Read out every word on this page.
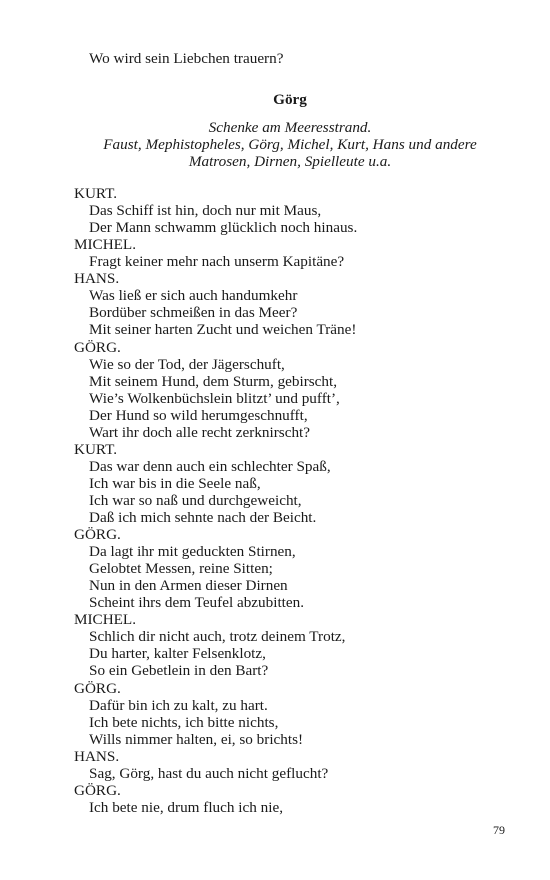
Wo wird sein Liebchen trauern?
Görg
Schenke am Meeresstrand.
Faust, Mephistopheles, Görg, Michel, Kurt, Hans und andere
Matrosen, Dirnen, Spielleute u.a.
KURT.
Das Schiff ist hin, doch nur mit Maus,
Der Mann schwamm glücklich noch hinaus.
MICHEL.
Fragt keiner mehr nach unserm Kapitäne?
HANS.
Was ließ er sich auch handumkehr
Bordüber schmeißen in das Meer?
Mit seiner harten Zucht und weichen Träne!
GÖRG.
Wie so der Tod, der Jägerschuft,
Mit seinem Hund, dem Sturm, gebirscht,
Wie’s Wolkenbüchslein blitzt’ und pufft’,
Der Hund so wild herumgeschnufft,
Wart ihr doch alle recht zerknirscht?
KURT.
Das war denn auch ein schlechter Spaß,
Ich war bis in die Seele naß,
Ich war so naß und durchgeweicht,
Daß ich mich sehnte nach der Beicht.
GÖRG.
Da lagt ihr mit geduckten Stirnen,
Gelobtet Messen, reine Sitten;
Nun in den Armen dieser Dirnen
Scheint ihrs dem Teufel abzubitten.
MICHEL.
Schlich dir nicht auch, trotz deinem Trotz,
Du harter, kalter Felsenklotz,
So ein Gebetlein in den Bart?
GÖRG.
Dafür bin ich zu kalt, zu hart.
Ich bete nichts, ich bitte nichts,
Wills nimmer halten, ei, so brichts!
HANS.
Sag, Görg, hast du auch nicht geflucht?
GÖRG.
Ich bete nie, drum fluch ich nie,
79
